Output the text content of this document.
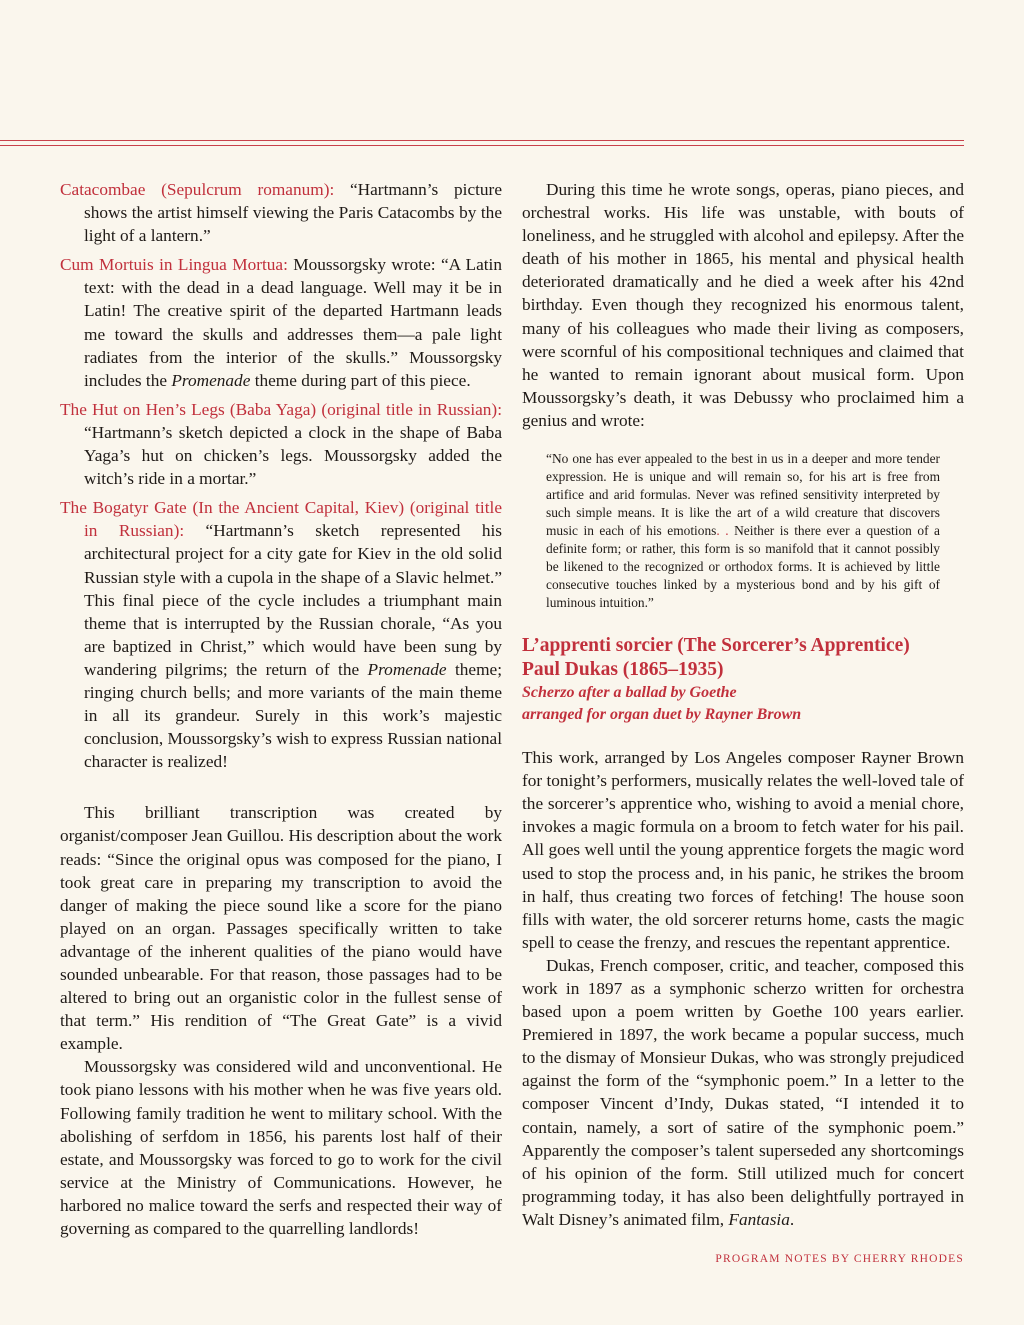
Catacombae (Sepulcrum romanum): “Hartmann’s picture shows the artist himself viewing the Paris Catacombs by the light of a lantern.”

Cum Mortuis in Lingua Mortua: Moussorgsky wrote: “A Latin text: with the dead in a dead language. Well may it be in Latin! The creative spirit of the departed Hartmann leads me toward the skulls and addresses them—a pale light radiates from the interior of the skulls.” Moussorgsky includes the Promenade theme during part of this piece.

The Hut on Hen’s Legs (Baba Yaga) (original title in Russian): “Hartmann’s sketch depicted a clock in the shape of Baba Yaga’s hut on chicken’s legs. Moussorgsky added the witch’s ride in a mortar.”

The Bogatyr Gate (In the Ancient Capital, Kiev) (original title in Russian): “Hartmann’s sketch represented his architectural project for a city gate for Kiev in the old solid Russian style with a cupola in the shape of a Slavic helmet.” This final piece of the cycle includes a triumphant main theme that is interrupted by the Russian chorale, “As you are baptized in Christ,” which would have been sung by wandering pilgrims; the return of the Promenade theme; ringing church bells; and more variants of the main theme in all its grandeur. Surely in this work’s majestic conclusion, Moussorgsky’s wish to express Russian national character is realized!

This brilliant transcription was created by organist/composer Jean Guillou. His description about the work reads: “Since the original opus was composed for the piano, I took great care in preparing my transcription to avoid the danger of making the piece sound like a score for the piano played on an organ. Passages specifically written to take advantage of the inherent qualities of the piano would have sounded unbearable. For that reason, those passages had to be altered to bring out an organistic color in the fullest sense of that term.” His rendition of “The Great Gate” is a vivid example.

Moussorgsky was considered wild and unconventional. He took piano lessons with his mother when he was five years old. Following family tradition he went to military school. With the abolishing of serfdom in 1856, his parents lost half of their estate, and Moussorgsky was forced to go to work for the civil service at the Ministry of Communications. However, he harbored no malice toward the serfs and respected their way of governing as compared to the quarrelling landlords!

During this time he wrote songs, operas, piano pieces, and orchestral works. His life was unstable, with bouts of loneliness, and he struggled with alcohol and epilepsy. After the death of his mother in 1865, his mental and physical health deteriorated dramatically and he died a week after his 42nd birthday. Even though they recognized his enormous talent, many of his colleagues who made their living as composers, were scornful of his compositional techniques and claimed that he wanted to remain ignorant about musical form. Upon Moussorgsky’s death, it was Debussy who proclaimed him a genius and wrote:

“No one has ever appealed to the best in us in a deeper and more tender expression. He is unique and will remain so, for his art is free from artifice and arid formulas. Never was refined sensitivity interpreted by such simple means. It is like the art of a wild creature that discovers music in each of his emotions. . Neither is there ever a question of a definite form; or rather, this form is so manifold that it cannot possibly be likened to the recognized or orthodox forms. It is achieved by little consecutive touches linked by a mysterious bond and by his gift of luminous intuition.”

L’apprenti sorcier (The Sorcerer’s Apprentice)
Paul Dukas (1865–1935)
Scherzo after a ballad by Goethe
arranged for organ duet by Rayner Brown

This work, arranged by Los Angeles composer Rayner Brown for tonight’s performers, musically relates the well-loved tale of the sorcerer’s apprentice who, wishing to avoid a menial chore, invokes a magic formula on a broom to fetch water for his pail. All goes well until the young apprentice forgets the magic word used to stop the process and, in his panic, he strikes the broom in half, thus creating two forces of fetching! The house soon fills with water, the old sorcerer returns home, casts the magic spell to cease the frenzy, and rescues the repentant apprentice.

Dukas, French composer, critic, and teacher, composed this work in 1897 as a symphonic scherzo written for orchestra based upon a poem written by Goethe 100 years earlier. Premiered in 1897, the work became a popular success, much to the dismay of Monsieur Dukas, who was strongly prejudiced against the form of the “symphonic poem.” In a letter to the composer Vincent d’Indy, Dukas stated, “I intended it to contain, namely, a sort of satire of the symphonic poem.” Apparently the composer’s talent superseded any shortcomings of his opinion of the form. Still utilized much for concert programming today, it has also been delightfully portrayed in Walt Disney’s animated film, Fantasia.

PROGRAM NOTES BY CHERRY RHODES
